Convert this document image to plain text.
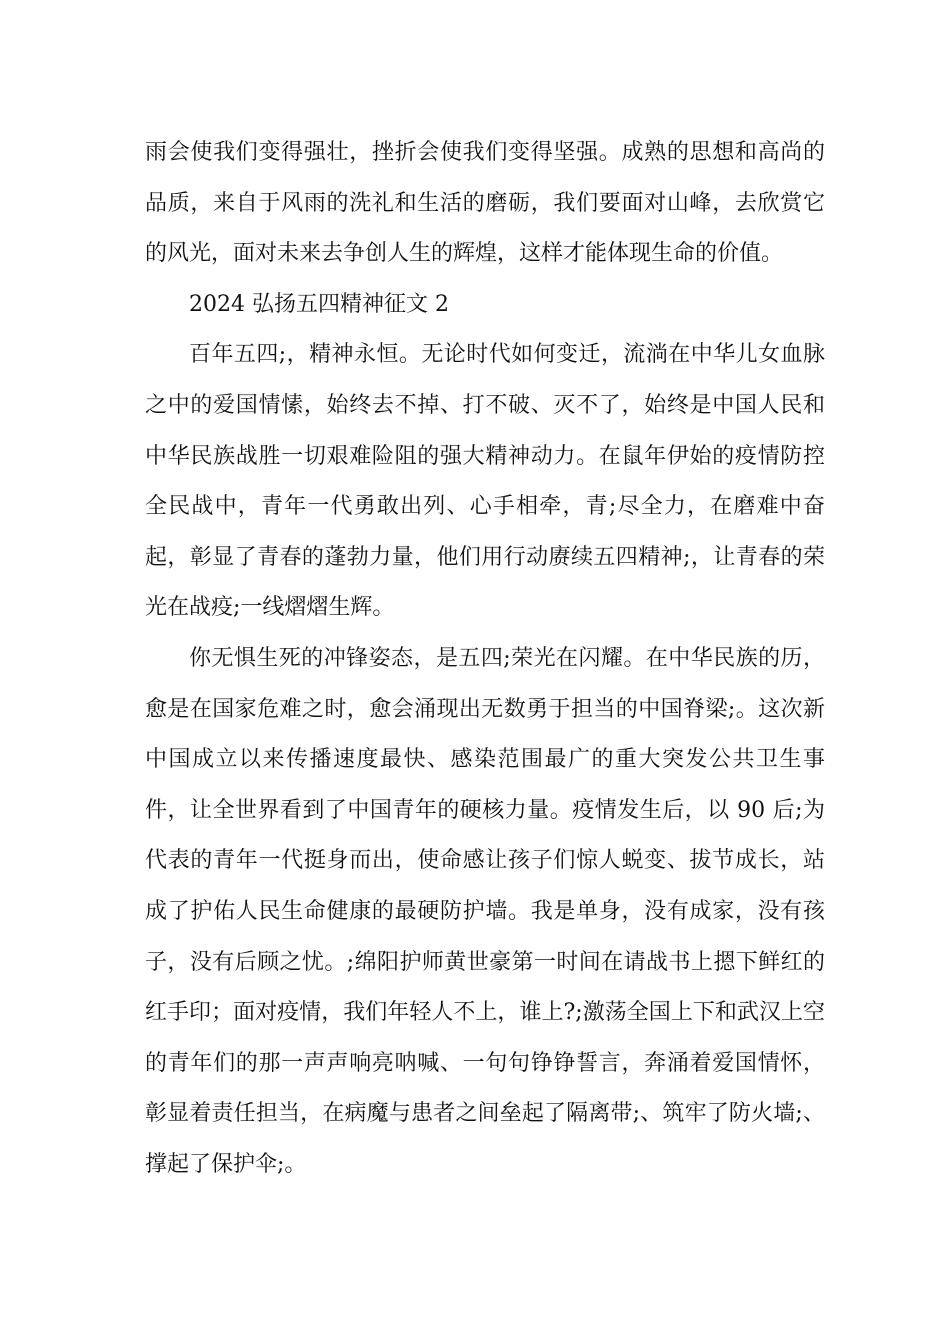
雨会使我们变得强壮，挫折会使我们变得坚强。成熟的思想和高尚的品质，来自于风雨的洗礼和生活的磨砺，我们要面对山峰，去欣赏它的风光，面对未来去争创人生的辉煌，这样才能体现生命的价值。

2024 弘扬五四精神征文 2

百年五四;，精神永恒。无论时代如何变迁，流淌在中华儿女血脉之中的爱国情愫，始终去不掉、打不破、灭不了，始终是中国人民和中华民族战胜一切艰难险阻的强大精神动力。在鼠年伊始的疫情防控全民战中，青年一代勇敢出列、心手相牵，青;尽全力，在磨难中奋起，彰显了青春的蓬勃力量，他们用行动赓续五四精神;，让青春的荣光在战疫;一线熠熠生辉。

你无惧生死的冲锋姿态，是五四;荣光在闪耀。在中华民族的历，愈是在国家危难之时，愈会涌现出无数勇于担当的中国脊梁;。这次新中国成立以来传播速度最快、感染范围最广的重大突发公共卫生事件，让全世界看到了中国青年的硬核力量。疫情发生后，以 90 后;为代表的青年一代挺身而出，使命感让孩子们惊人蜕变、拔节成长，站成了护佑人民生命健康的最硬防护墙。我是单身，没有成家，没有孩子，没有后顾之忧。;绵阳护师黄世豪第一时间在请战书上摁下鲜红的红手印；面对疫情，我们年轻人不上，谁上?;激荡全国上下和武汉上空的青年们的那一声声响亮呐喊、一句句铮铮誓言，奔涌着爱国情怀，彰显着责任担当，在病魔与患者之间垒起了隔离带;、筑牢了防火墙;、撑起了保护伞;。
